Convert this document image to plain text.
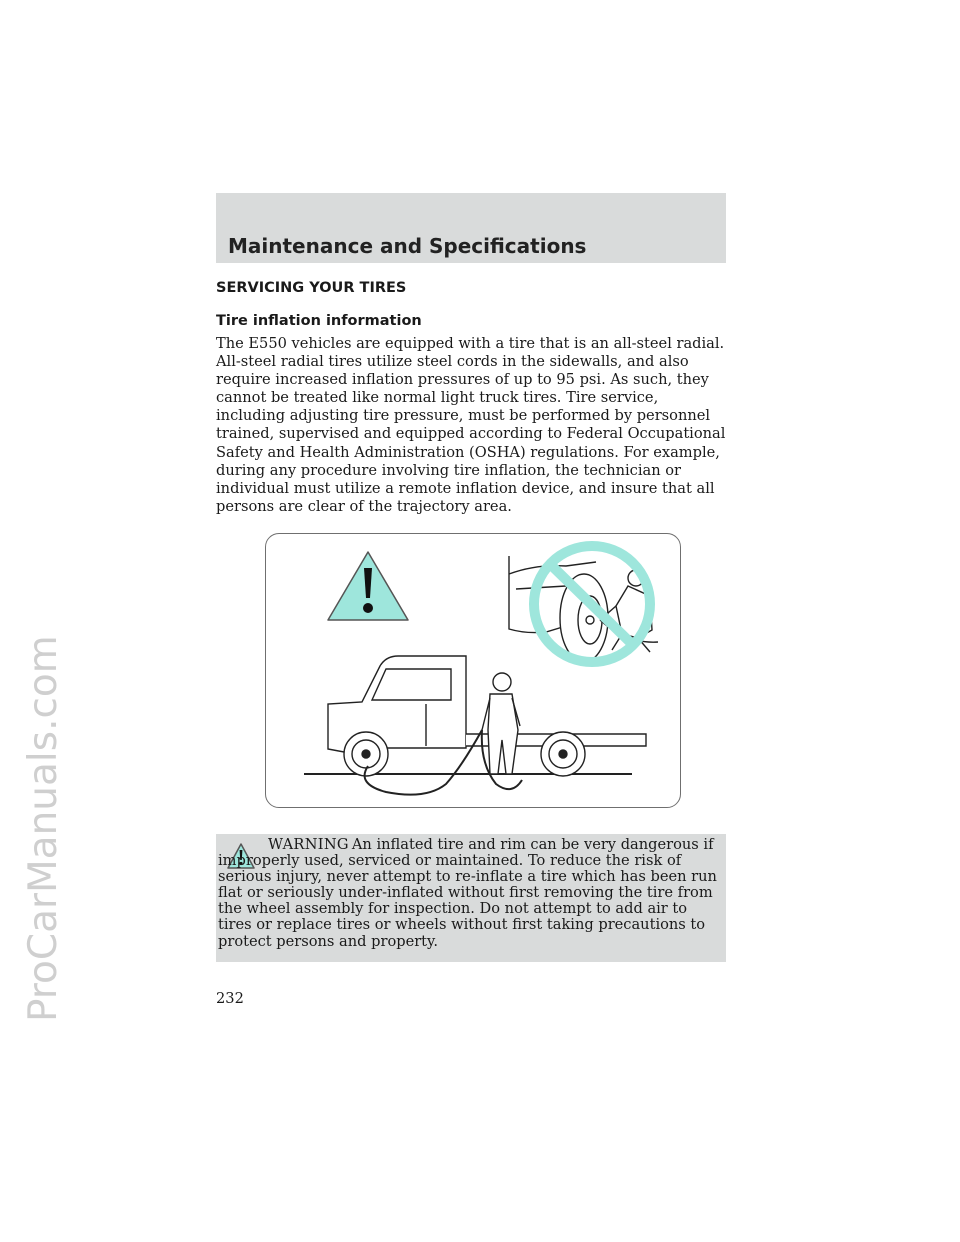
ProCarManuals.com
Maintenance and Specifications
SERVICING YOUR TIRES
Tire inflation information

The E550 vehicles are equipped with a tire that is an all-steel radial. All-steel radial tires utilize steel cords in the sidewalls, and also require increased inflation pressures of up to 95 psi. As such, they cannot be treated like normal light truck tires. Tire service, including adjusting tire pressure, must be performed by personnel trained, supervised and equipped according to Federal Occupational Safety and Health Administration (OSHA) regulations. For example, during any procedure involving tire inflation, the technician or individual must utilize a remote inflation device, and insure that all persons are clear of the trajectory area.

WARNING An inflated tire and rim can be very dangerous if improperly used, serviced or maintained. To reduce the risk of serious injury, never attempt to re-inflate a tire which has been run flat or seriously under-inflated without first removing the tire from the wheel assembly for inspection. Do not attempt to add air to tires or replace tires or wheels without first taking precautions to protect persons and property.

232
